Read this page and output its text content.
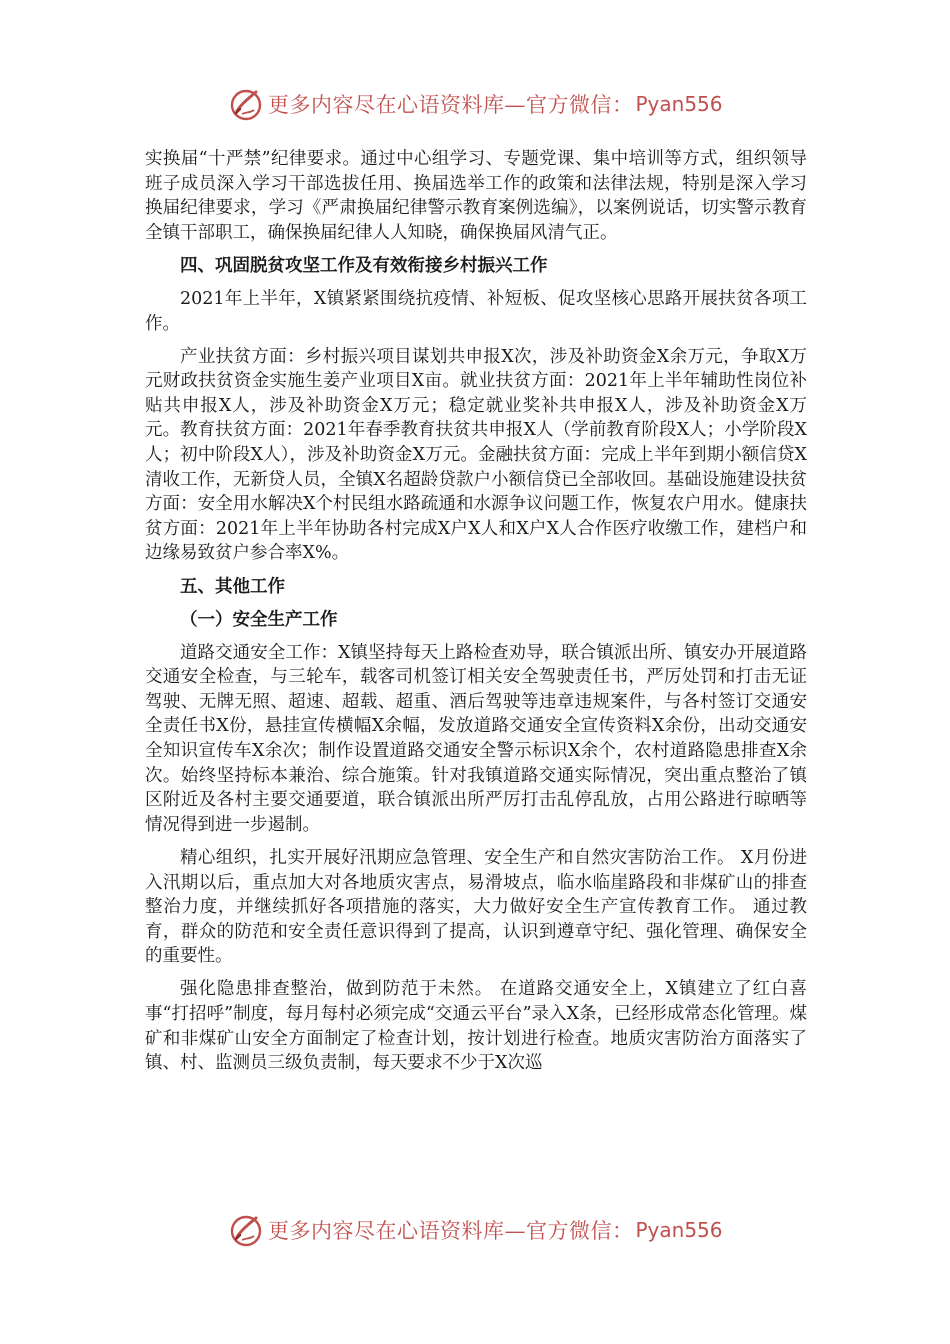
更多内容尽在心语资料库—官方微信： Pyan556

实换届“十严禁”纪律要求。通过中心组学习、专题党课、集中培训等方式，组织领导班子成员深入学习干部选拔任用、换届选举工作的政策和法律法规，特别是深入学习换届纪律要求，学习《严肃换届纪律警示教育案例选编》，以案例说话，切实警示教育全镇干部职工，确保换届纪律人人知晓，确保换届风清气正。

四、巩固脱贫攻坚工作及有效衔接乡村振兴工作

2021年上半年，X镇紧紧围绕抗疫情、补短板、促攻坚核心思路开展扶贫各项工作。

产业扶贫方面：乡村振兴项目谋划共申报X次，涉及补助资金X余万元，争取X万元财政扶贫资金实施生姜产业项目X亩。就业扶贫方面：2021年上半年辅助性岗位补贴共申报X人，涉及补助资金X万元；稳定就业奖补共申报X人，涉及补助资金X万元。教育扶贫方面：2021年春季教育扶贫共申报X人（学前教育阶段X人；小学阶段X人；初中阶段X人），涉及补助资金X万元。金融扶贫方面：完成上半年到期小额信贷X清收工作，无新贷人员，全镇X名超龄贷款户小额信贷已全部收回。基础设施建设扶贫方面：安全用水解决X个村民组水路疏通和水源争议问题工作，恢复农户用水。健康扶贫方面：2021年上半年协助各村完成X户X人和X户X人合作医疗收缴工作，建档户和边缘易致贫户参合率X%。

五、其他工作
（一）安全生产工作

道路交通安全工作：X镇坚持每天上路检查劝导，联合镇派出所、镇安办开展道路交通安全检查，与三轮车，载客司机签订相关安全驾驶责任书，严厉处罚和打击无证驾驶、无牌无照、超速、超载、超重、酒后驾驶等违章违规案件，与各村签订交通安全责任书X份，悬挂宣传横幅X余幅，发放道路交通安全宣传资料X余份，出动交通安全知识宣传车X余次；制作设置道路交通安全警示标识X余个，农村道路隐患排查X余次。始终坚持标本兼治、综合施策。针对我镇道路交通实际情况，突出重点整治了镇区附近及各村主要交通要道，联合镇派出所严厉打击乱停乱放，占用公路进行晾晒等情况得到进一步遏制。

精心组织，扎实开展好汛期应急管理、安全生产和自然灾害防治工作。 X月份进入汛期以后，重点加大对各地质灾害点，易滑坡点，临水临崖路段和非煤矿山的排查整治力度，并继续抓好各项措施的落实，大力做好安全生产宣传教育工作。 通过教育，群众的防范和安全责任意识得到了提高，认识到遵章守纪、强化管理、确保安全的重要性。

强化隐患排查整治，做到防范于未然。 在道路交通安全上，X镇建立了红白喜事“打招呼”制度，每月每村必须完成“交通云平台”录入X条，已经形成常态化管理。煤矿和非煤矿山安全方面制定了检查计划，按计划进行检查。地质灾害防治方面落实了镇、村、监测员三级负责制，每天要求不少于X次巡

更多内容尽在心语资料库—官方微信： Pyan556
